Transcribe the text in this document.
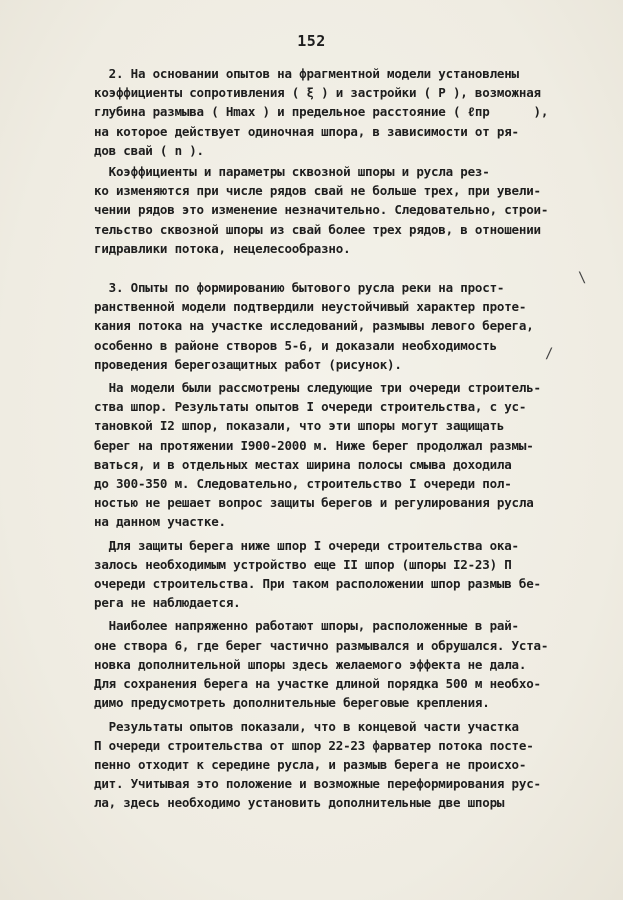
152
\
/
2. На основании опытов на фрагментной модели установлены
коэффициенты сопротивления ( ξ ) и застройки ( Р ), возможная
глубина размыва ( Hmax ) и предельное расстояние ( ℓпр      ),
на которое действует одиночная шпора, в зависимости от ря-
дов свай ( n ).
Коэффициенты и параметры сквозной шпоры и русла рез-
ко изменяются при числе рядов свай не больше трех, при увели-
чении рядов это изменение незначительно. Следовательно, строи-
тельство сквозной шпоры из свай более трех рядов, в отношении
гидравлики потока, нецелесообразно.
3. Опыты по формированию бытового русла реки на прост-
ранственной модели подтвердили неустойчивый характер проте-
кания потока на участке исследований, размывы левого берега,
особенно в районе створов 5-6, и доказали необходимость
проведения берегозащитных работ (рисунок).
На модели были рассмотрены следующие три очереди строитель-
ства шпор. Результаты опытов I очереди строительства, с ус-
тановкой I2 шпор, показали, что эти шпоры могут защищать
берег на протяжении I900-2000 м. Ниже берег продолжал размы-
ваться, и в отдельных местах ширина полосы смыва доходила
до 300-350 м. Следовательно, строительство I очереди пол-
ностью не решает вопрос защиты берегов и регулирования русла
на данном участке.
Для защиты берега ниже шпор I очереди строительства ока-
залось необходимым устройство еще II шпор (шпоры I2-23) П
очереди строительства. При таком расположении шпор размыв бе-
рега не наблюдается.
Наиболее напряженно работают шпоры, расположенные в рай-
оне створа 6, где берег частично размывался и обрушался. Уста-
новка дополнительной шпоры здесь желаемого эффекта не дала.
Для сохранения берега на участке длиной порядка 500 м необхо-
димо предусмотреть дополнительные береговые крепления.
Результаты опытов показали, что в концевой части участка
П очереди строительства от шпор 22-23 фарватер потока посте-
пенно отходит к середине русла, и размыв берега не происхо-
дит. Учитывая это положение и возможные переформирования рус-
ла, здесь необходимо установить дополнительные две шпоры
